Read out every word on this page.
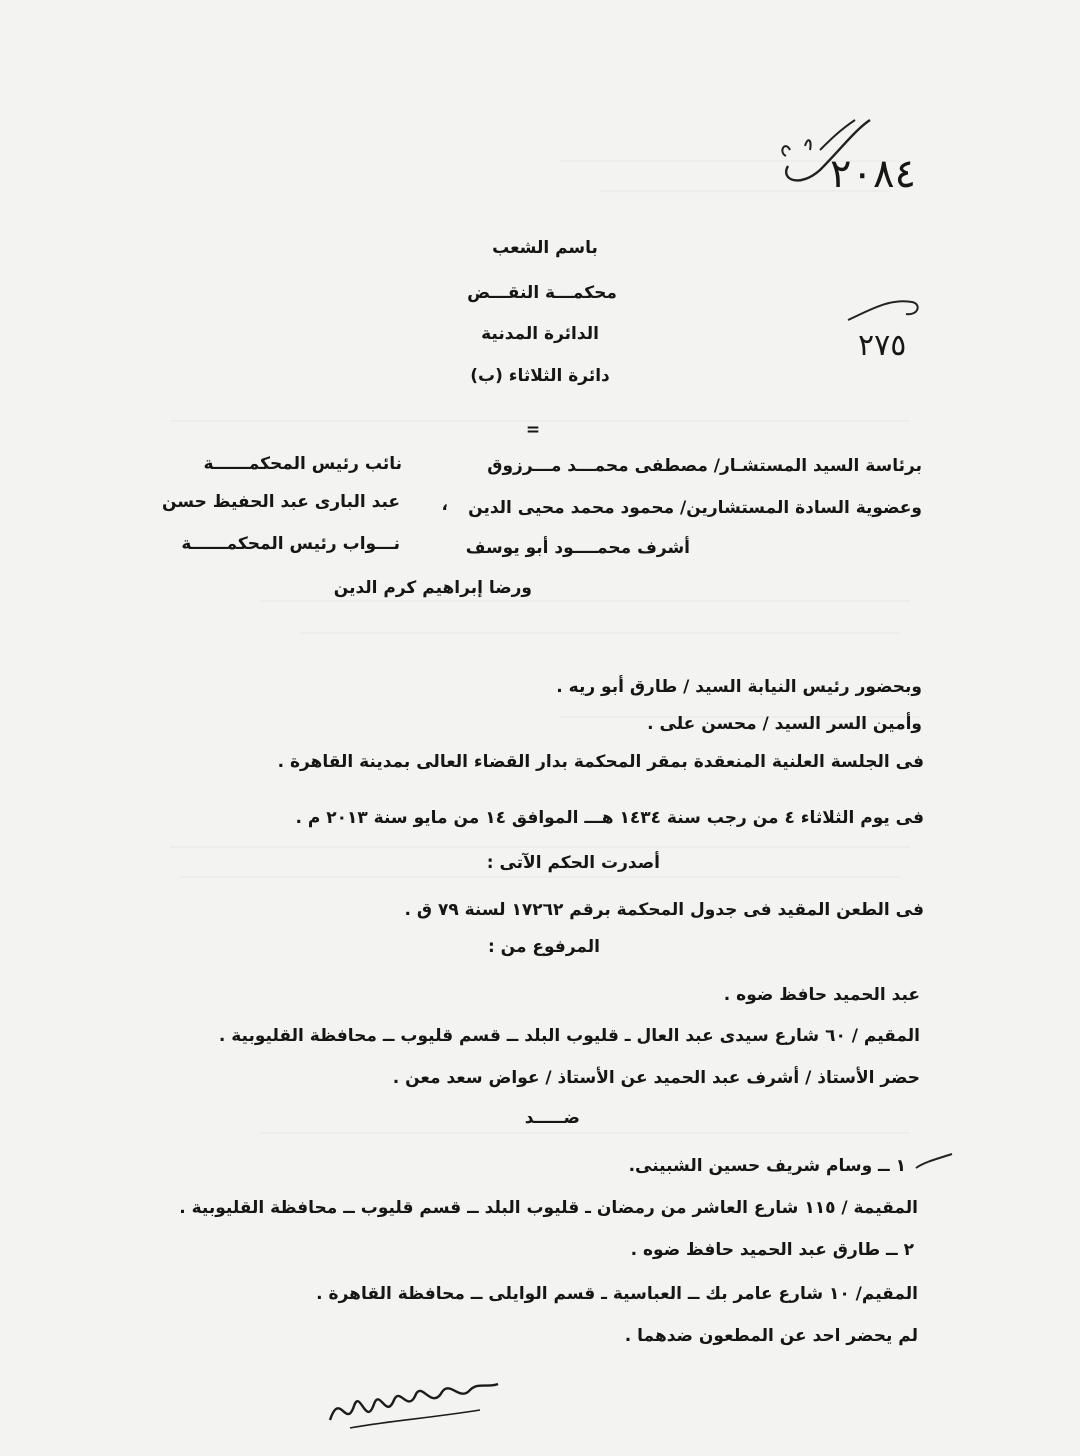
٢٠٨٤
٢٧٥
باسم الشعب
محكمـــة النقـــض
الدائرة المدنية
دائرة الثلاثاء (ب)
=
برئاسة السيد المستشـار/ مصطفى محمـــد مـــرزوق
نائب رئيس المحكمــــــة
وعضوية السادة المستشارين/ محمود محمد محيى الدين
،
عبد البارى عبد الحفيظ حسن
أشرف محمــــود أبو يوسف
نـــواب رئيس المحكمــــــة
ورضا إبراهيم كرم الدين
وبحضور رئيس النيابة السيد / طارق أبو ريه .
وأمين السر السيد / محسن على .
فى الجلسة العلنية المنعقدة بمقر المحكمة بدار القضاء العالى بمدينة القاهرة .
فى يوم الثلاثاء ٤ من رجب سنة ١٤٣٤ هـــ الموافق ١٤ من مايو سنة ٢٠١٣ م .
أصدرت الحكم الآتى :
فى الطعن المقيد فى جدول المحكمة برقم ١٧٢٦٢ لسنة ٧٩ ق .
المرفوع من :
عبد الحميد حافظ ضوه .
المقيم / ٦٠ شارع سيدى عبد العال ـ قليوب البلد ــ قسم قليوب ــ محافظة القليوبية .
حضر الأستاذ / أشرف عبد الحميد عن الأستاذ / عواض سعد معن .
ضـــــد
١ ــ وسام شريف حسين الشبينى.
المقيمة / ١١٥ شارع العاشر من رمضان ـ قليوب البلد ــ قسم قليوب ــ محافظة القليوبية .
٢ ــ طارق عبد الحميد حافظ ضوه .
المقيم/ ١٠ شارع عامر بك ــ العباسية ـ قسم الوايلى ــ محافظة القاهرة .
لم يحضر احد عن المطعون ضدهما .
